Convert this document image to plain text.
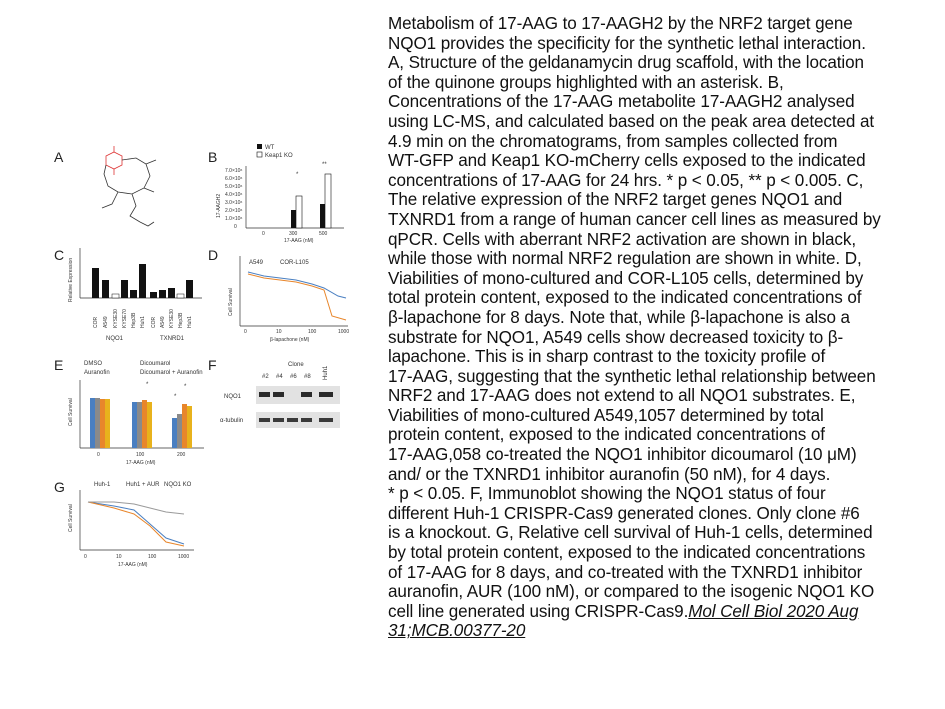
A	B
WT
Keap1 KO
17-AAGH2
7.0×10⁶
6.0×10⁶
5.0×10⁶
4.0×10⁶
3.0×10⁶
2.0×10⁶
1.0×10⁶
0
*
**
0	300	500
17-AAG (nM)
C
Relative Expression
COR A549 KYSE30 KYSE70 Hep3B Huh1 COR A549 KYSE30 Hep3B Huh1
NQO1	TXNRD1
D	A549	COR-L105
Cell Survival
0	10	100	1000
β-lapachone (nM)
E	DMSO
Auranofin
Dicoumarol
Dicoumarol + Auranofin
Cell Survival
*
*
*
0	100	200
17-AAG (nM)
F	Clone
#2 #4 #6 #8 Huh1
NQO1
α-tubulin
G	Huh-1	Huh1 + AUR NQO1 KO
Cell Survival
0	10	100	1000
17-AAG (nM)
Metabolism of 17-AAG to 17-AAGH2 by the NRF2 target gene
NQO1 provides the specificity for the synthetic lethal interaction.
A, Structure of the geldanamycin drug scaffold, with the location
of the quinone groups highlighted with an asterisk. B,
Concentrations of the 17-AAG metabolite 17-AAGH2 analysed
using LC-MS, and calculated based on the peak area detected at
4.9 min on the chromatograms, from samples collected from
WT-GFP and Keap1 KO-mCherry cells exposed to the indicated
concentrations of 17-AAG for 24 hrs. * p < 0.05, ** p < 0.005. C,
The relative expression of the NRF2 target genes NQO1 and
TXNRD1 from a range of human cancer cell lines as measured by
qPCR. Cells with aberrant NRF2 activation are shown in black,
while those with normal NRF2 regulation are shown in white. D,
Viabilities of mono-cultured and COR-L105 cells, determined by
total protein content, exposed to the indicated concentrations of
β-lapachone for 8 days. Note that, while β-lapachone is also a
substrate for NQO1, A549 cells show decreased toxicity to β-
lapachone. This is in sharp contrast to the toxicity profile of
17-AAG, suggesting that the synthetic lethal relationship between
NRF2 and 17-AAG does not extend to all NQO1 substrates. E,
Viabilities of mono-cultured A549,1057 determined by total
protein content, exposed to the indicated concentrations of
17-AAG,058 co-treated the NQO1 inhibitor dicoumarol (10 μM)
and/ or the TXNRD1 inhibitor auranofin (50 nM), for 4 days.
* p < 0.05. F, Immunoblot showing the NQO1 status of four
different Huh-1 CRISPR-Cas9 generated clones. Only clone #6
is a knockout. G, Relative cell survival of Huh-1 cells, determined
by total protein content, exposed to the indicated concentrations
of 17-AAG for 8 days, and co-treated with the TXNRD1 inhibitor
auranofin, AUR (100 nM), or compared to the isogenic NQO1 KO
cell line generated using CRISPR-Cas9.Mol Cell Biol 2020 Aug
31;MCB.00377-20
